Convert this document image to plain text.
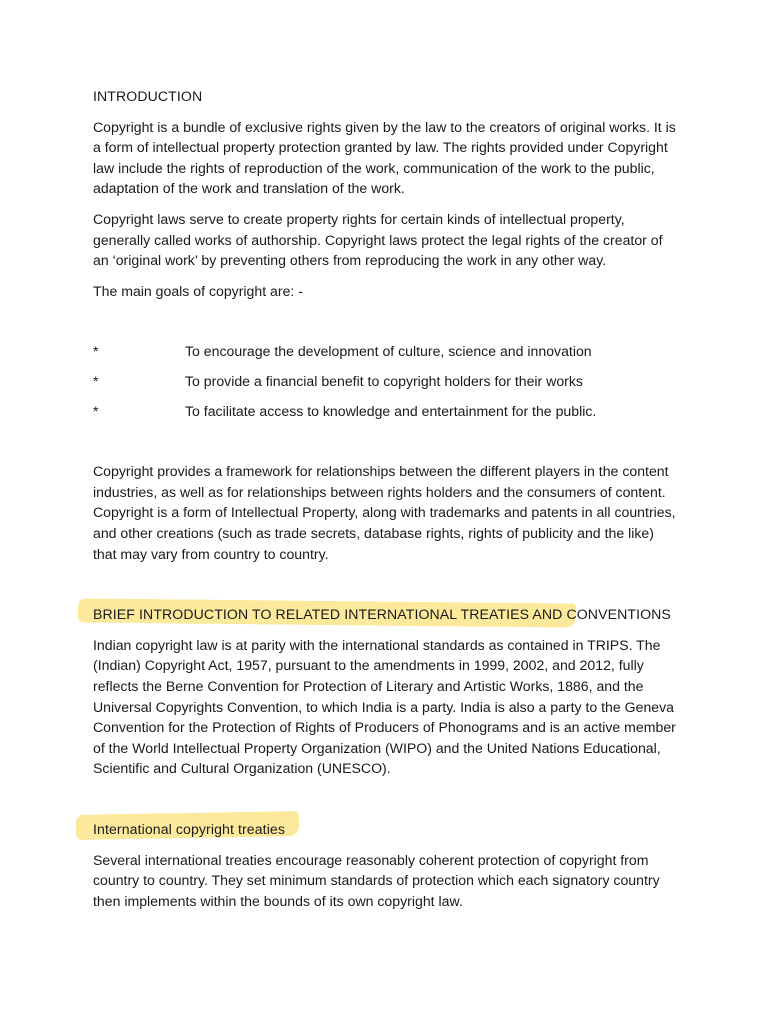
INTRODUCTION

Copyright is a bundle of exclusive rights given by the law to the creators of original works. It is a form of intellectual property protection granted by law. The rights provided under Copyright law include the rights of reproduction of the work, communication of the work to the public, adaptation of the work and translation of the work.

Copyright laws serve to create property rights for certain kinds of intellectual property, generally called works of authorship. Copyright laws protect the legal rights of the creator of an ‘original work’ by preventing others from reproducing the work in any other way.

The main goals of copyright are: -

*	To encourage the development of culture, science and innovation
*	To provide a financial benefit to copyright holders for their works
*	To facilitate access to knowledge and entertainment for the public.

Copyright provides a framework for relationships between the different players in the content industries, as well as for relationships between rights holders and the consumers of content. Copyright is a form of Intellectual Property, along with trademarks and patents in all countries, and other creations (such as trade secrets, database rights, rights of publicity and the like) that may vary from country to country.

BRIEF INTRODUCTION TO RELATED INTERNATIONAL TREATIES AND CONVENTIONS

Indian copyright law is at parity with the international standards as contained in TRIPS. The (Indian) Copyright Act, 1957, pursuant to the amendments in 1999, 2002, and 2012, fully reflects the Berne Convention for Protection of Literary and Artistic Works, 1886, and the Universal Copyrights Convention, to which India is a party. India is also a party to the Geneva Convention for the Protection of Rights of Producers of Phonograms and is an active member of the World Intellectual Property Organization (WIPO) and the United Nations Educational, Scientific and Cultural Organization (UNESCO).

International copyright treaties

Several international treaties encourage reasonably coherent protection of copyright from country to country. They set minimum standards of protection which each signatory country then implements within the bounds of its own copyright law.
